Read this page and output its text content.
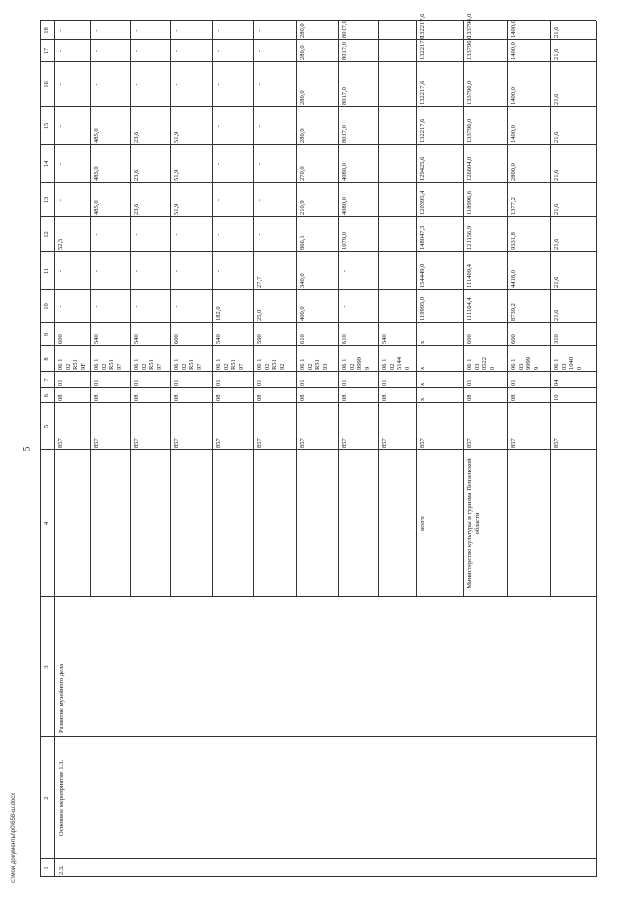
5
1
2
3
4
5
6
7
8
9
10
11
12
13
14
15
16
17
18
2.3.
Основное мероприятие 1.3.
Развитие музейного дела
857
08
01
06 1
02
R51
9F
600
-
-
52,5
-
-
-
-
-
-
857
08
01
06 1
02
R51
97
540
-
-
-
485,0
485,0
485,0
-
-
-
857
08
01
06 1
02
R51
97
540
-
-
-
23,6
23,6
23,6
-
-
-
857
08
01
06 1
02
R51
97
600
-
-
-
51,9
51,9
51,9
-
-
-
857
08
01
06 1
02
R51
97
540
182,0
-
-
-
-
-
-
-
-
857
08
01
06 1
02
R51
92
590
25,0
27,7
-
-
-
-
-
-
-
857
08
01
06 1
02
R51
93
610
400,0
340,0
866,1
210,9
270,0
280,0
280,0
280,0
280,0
857
08
01
06 1
02
9999
9
610
-
-
1079,0
4080,0
4080,0
8017,0
8017,0
8017,0
8017,0
857
08
01
06 1
02
5144
0
540
всего
857
х
х
х
х
119995,0
154449,0
148047,3
120395,4
129425,6
132217,6
132217,6
132217,6
132217,6
Министерство культуры и туризма Пензенской области
857
08
01
06 1
03
0522
0
600
111164,4
111409,4
121156,9
118996,6
126604,0
133796,0
133796,0
133796,0
133796,0
857
08
01
06 1
03
9999
9
600
8739,2
4418,0
9331,8
1377,2
2800,0
1400,0
1400,0
1400,0
1400,0
857
10
04
06 1
03
1040
0
310
21,6
21,6
21,6
21,6
21,6
21,6
21,6
21,6
21,6
c:\мои документы\p0\658-ш.docx
